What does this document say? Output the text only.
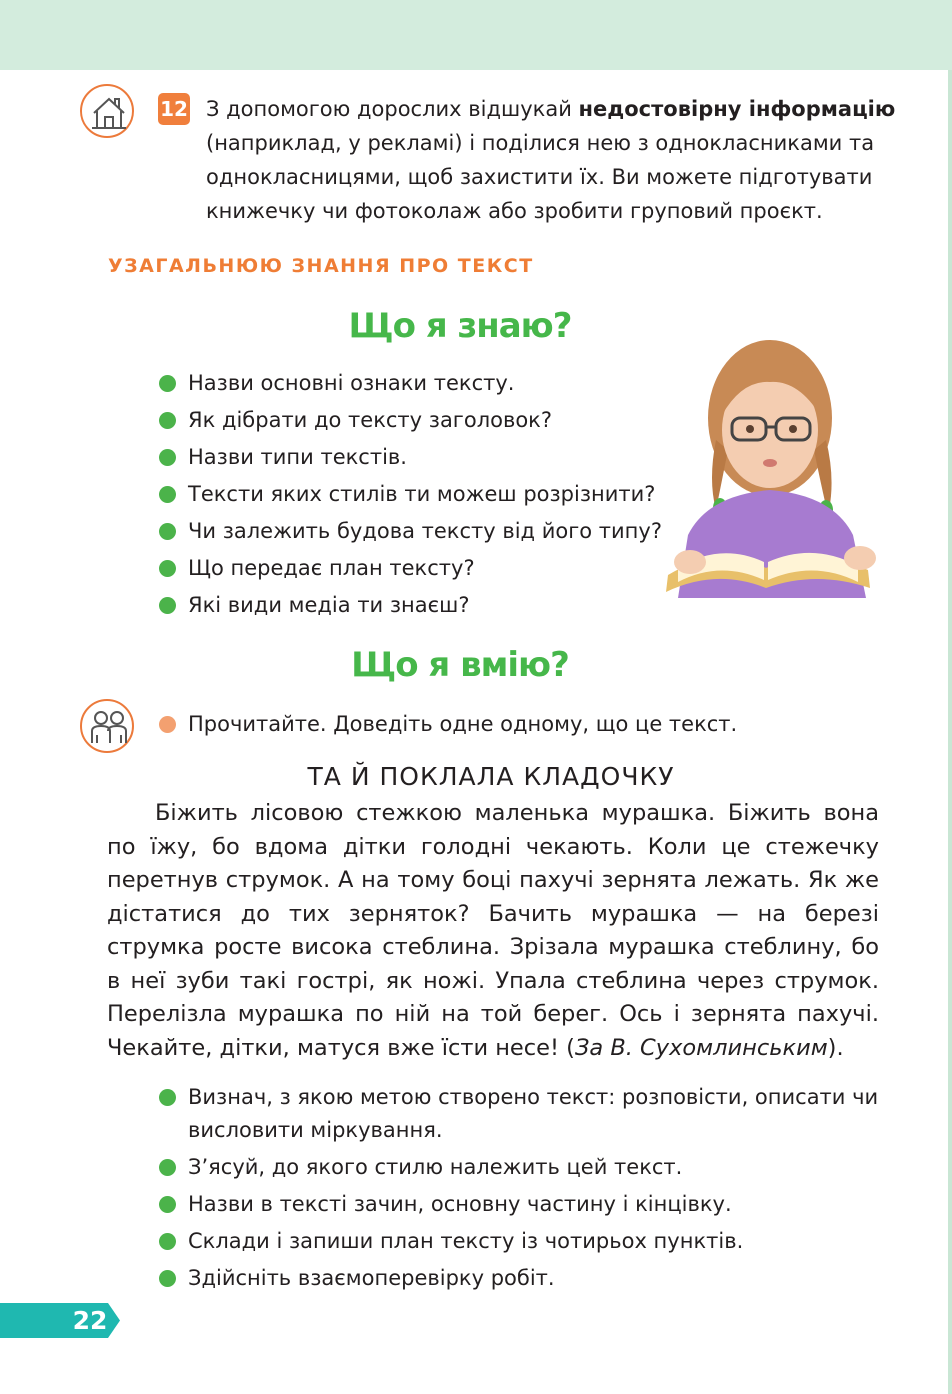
12 З допомогою дорослих відшукай недостовірну інформацію (наприклад, у рекламі) і поділися нею з однокласниками та однокласницями, щоб захистити їх. Ви можете підготувати книжечку чи фотоколаж або зробити груповий проєкт.
УЗАГАЛЬНЮЮ ЗНАННЯ ПРО ТЕКСТ
Що я знаю?
Назви основні ознаки тексту.
Як дібрати до тексту заголовок?
Назви типи текстів.
Тексти яких стилів ти можеш розрізнити?
Чи залежить будова тексту від його типу?
Що передає план тексту?
Які види медіа ти знаєш?
Що я вмію?
Прочитайте. Доведіть одне одному, що це текст.
ТА Й ПОКЛАЛА КЛАДОЧКУ
Біжить лісовою стежкою маленька мурашка. Біжить вона по їжу, бо вдома дітки голодні чекають. Коли це стежечку перетнув струмок. А на тому боці пахучі зернята лежать. Як же дістатися до тих зерняток? Бачить мурашка — на березі струмка росте висока стеблина. Зрізала мурашка стеблину, бо в неї зуби такі гострі, як ножі. Упала стеблина через струмок. Перелізла мурашка по ній на той берег. Ось і зернята пахучі. Чекайте, дітки, матуся вже їсти несе! (За В. Сухомлинським).
Визнач, з якою метою створено текст: розповісти, описати чи висловити міркування.
З’ясуй, до якого стилю належить цей текст.
Назви в тексті зачин, основну частину і кінцівку.
Склади і запиши план тексту із чотирьох пунктів.
Здійсніть взаємоперевірку робіт.
22
